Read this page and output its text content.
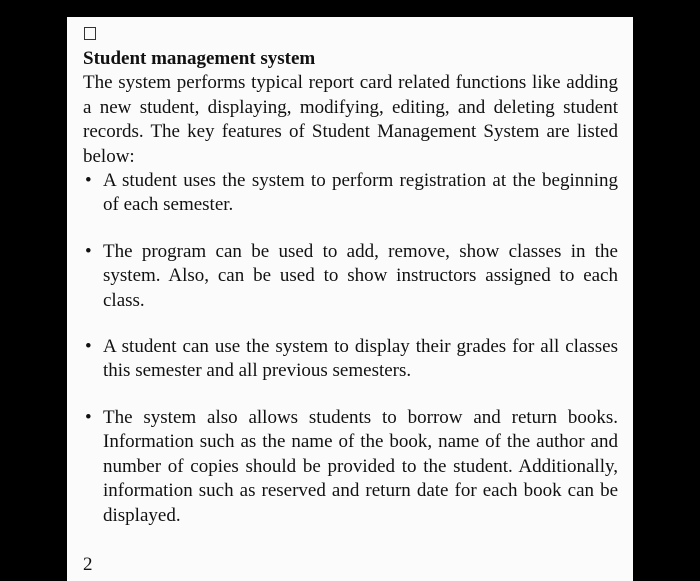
Student management system

The system performs typical report card related functions like adding a new student, displaying, modifying, editing, and deleting student records. The key features of Student Management System are listed below:

• A student uses the system to perform registration at the beginning of each semester.
• The program can be used to add, remove, show classes in the system. Also, can be used to show instructors assigned to each class.
• A student can use the system to display their grades for all classes this semester and all previous semesters.
• The system also allows students to borrow and return books. Information such as the name of the book, name of the author and number of copies should be provided to the student. Additionally, information such as reserved and return date for each book can be displayed.
2
